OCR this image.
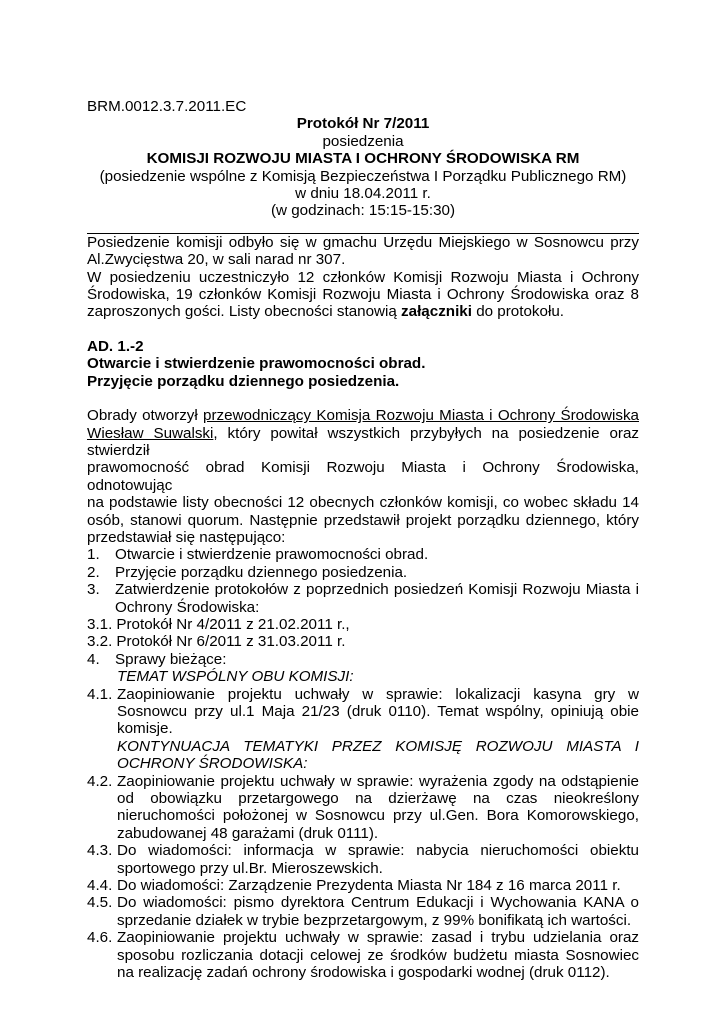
BRM.0012.3.7.2011.EC
Protokół Nr 7/2011
posiedzenia
KOMISJI ROZWOJU MIASTA I OCHRONY ŚRODOWISKA RM
(posiedzenie wspólne z Komisją Bezpieczeństwa I Porządku Publicznego RM)
w dniu 18.04.2011 r.
(w godzinach: 15:15-15:30)
Posiedzenie komisji odbyło się w gmachu Urzędu Miejskiego w Sosnowcu przy
Al.Zwycięstwa 20, w sali narad nr 307.
W posiedzeniu uczestniczyło 12 członków Komisji Rozwoju Miasta i Ochrony
Środowiska, 19 członków Komisji Rozwoju Miasta i Ochrony Środowiska oraz 8
zaproszonych gości. Listy obecności stanowią załączniki do protokołu.
AD. 1.-2
Otwarcie i stwierdzenie prawomocności obrad.
Przyjęcie porządku dziennego posiedzenia.
Obrady otworzył przewodniczący Komisja Rozwoju Miasta i Ochrony Środowiska
Wiesław Suwalski, który powitał wszystkich przybyłych na posiedzenie oraz stwierdził
prawomocność obrad Komisji Rozwoju Miasta i Ochrony Środowiska, odnotowując
na podstawie listy obecności 12 obecnych członków komisji, co wobec składu 14
osób, stanowi quorum. Następnie przedstawił projekt porządku dziennego, który
przedstawiał się następująco:
1.	Otwarcie i stwierdzenie prawomocności obrad.
2.	Przyjęcie porządku dziennego posiedzenia.
3.	Zatwierdzenie protokołów z poprzednich posiedzeń Komisji Rozwoju Miasta i Ochrony Środowiska:
3.1. Protokół Nr 4/2011 z 21.02.2011 r.,
3.2. Protokół Nr 6/2011 z 31.03.2011 r.
4.	Sprawy bieżące:
TEMAT WSPÓLNY OBU KOMISJI:
4.1. Zaopiniowanie projektu uchwały w sprawie: lokalizacji kasyna gry w Sosnowcu przy ul.1 Maja 21/23 (druk 0110). Temat wspólny, opiniują obie komisje.
KONTYNUACJA TEMATYKI PRZEZ KOMISJĘ ROZWOJU MIASTA I OCHRONY ŚRODOWISKA:
4.2. Zaopiniowanie projektu uchwały w sprawie: wyrażenia zgody na odstąpienie od obowiązku przetargowego na dzierżawę na czas nieokreślony nieruchomości położonej w Sosnowcu przy ul.Gen. Bora Komorowskiego, zabudowanej 48 garażami (druk 0111).
4.3. Do wiadomości: informacja w sprawie: nabycia nieruchomości obiektu sportowego przy ul.Br. Mieroszewskich.
4.4. Do wiadomości: Zarządzenie Prezydenta Miasta Nr 184 z 16 marca 2011 r.
4.5. Do wiadomości: pismo dyrektora Centrum Edukacji i Wychowania KANA o sprzedanie działek w trybie bezprzetargowym, z 99% bonifikatą ich wartości.
4.6. Zaopiniowanie projektu uchwały w sprawie: zasad i trybu udzielania oraz sposobu rozliczania dotacji celowej ze środków budżetu miasta Sosnowiec na realizację zadań ochrony środowiska i gospodarki wodnej (druk 0112).
